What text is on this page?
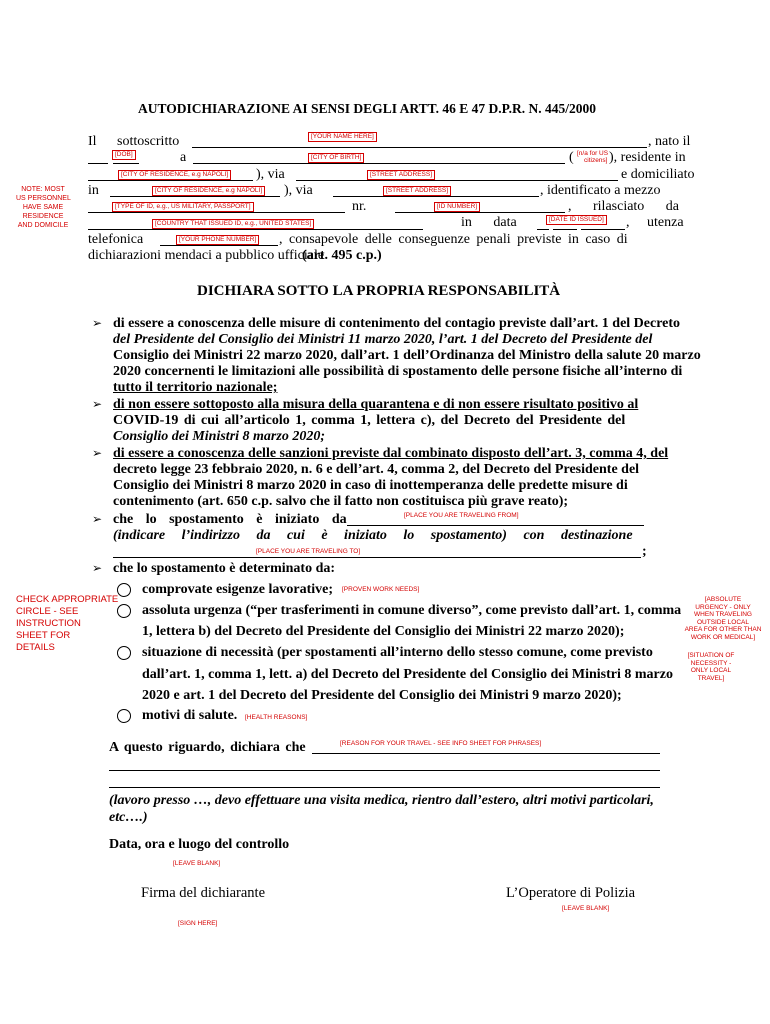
AUTODICHIARAZIONE AI SENSI DEGLI ARTT. 46 E 47 D.P.R. N. 445/2000
Il sottoscritto	[YOUR NAME HERE]	, nato il
[DOB]	a	[CITY OF BIRTH]	( [n/a for US
citizens] ), residente in
[CITY OF RESIDENCE, e.g NAPOLI] ), via	[STREET ADDRESS]	e domiciliato
in	[CITY OF RESIDENCE, e.g NAPOLI] ), via	[STREET ADDRESS]	, identificato a mezzo
[TYPE OF ID, e.g., US MILITARY, PASSPORT]	nr.	[ID NUMBER]	, rilasciato da
[COUNTRY THAT ISSUED ID, e.g., UNITED STATES]	in data	[DATE ID ISSUED] , utenza
telefonica	[YOUR PHONE NUMBER] , consapevole delle conseguenze penali previste in caso di
dichiarazioni mendaci a pubblico ufficiale
(art. 495 c.p.)
NOTE: MOST
US PERSONNEL
HAVE SAME
RESIDENCE
AND DOMICILE
DICHIARA SOTTO LA PROPRIA RESPONSABILITÀ
➢ di essere a conoscenza delle misure di contenimento del contagio previste dall’art. 1 del Decreto
del Presidente del Consiglio dei Ministri 11 marzo 2020, l’art. 1 del Decreto del Presidente del
Consiglio dei Ministri 22 marzo 2020, dall’art. 1 dell’Ordinanza del Ministro della salute 20 marzo
2020 concernenti le limitazioni alle possibilità di spostamento delle persone fisiche all’interno di
tutto il territorio nazionale;
➢ di non essere sottoposto alla misura della quarantena e di non essere risultato positivo al
COVID-19 di cui all’articolo 1, comma 1, lettera c), del Decreto del Presidente del
Consiglio dei Ministri 8 marzo 2020;
➢ di essere a conoscenza delle sanzioni previste dal combinato disposto dell’art. 3, comma 4, del
decreto legge 23 febbraio 2020, n. 6 e dell’art. 4, comma 2, del Decreto del Presidente del
Consiglio dei Ministri 8 marzo 2020 in caso di inottemperanza delle predette misure di
contenimento (art. 650 c.p. salvo che il fatto non costituisca più grave reato);
➢ che lo spostamento è iniziato da	[PLACE YOU ARE TRAVELING FROM]
(indicare l’indirizzo da cui è iniziato lo spostamento) con destinazione
[PLACE YOU ARE TRAVELING TO]	;
➢ che lo spostamento è determinato da:
comprovate esigenze lavorative; [PROVEN WORK NEEDS]
assoluta urgenza (“per trasferimenti in comune diverso”, come previsto dall’art. 1, comma
1, lettera b) del Decreto del Presidente del Consiglio dei Ministri 22 marzo 2020);
situazione di necessità (per spostamenti all’interno dello stesso comune, come previsto
dall’art. 1, comma 1, lett. a) del Decreto del Presidente del Consiglio dei Ministri 8 marzo
2020 e art. 1 del Decreto del Presidente del Consiglio dei Ministri 9 marzo 2020);
motivi di salute. [HEALTH REASONS]
CHECK APPROPRIATE
CIRCLE - SEE
INSTRUCTION
SHEET FOR
DETAILS
[ABSOLUTE
URGENCY - ONLY
WHEN TRAVELING
OUTSIDE LOCAL
AREA FOR OTHER THAN
WORK OR MEDICAL]
[SITUATION OF
NECESSITY -
ONLY LOCAL
TRAVEL]
A questo riguardo, dichiara che	[REASON FOR YOUR TRAVEL - SEE INFO SHEET FOR PHRASES]
(lavoro presso …, devo effettuare una visita medica, rientro dall’estero, altri motivi particolari, etc….)
Data, ora e luogo del controllo
[LEAVE BLANK]
Firma del dichiarante	L’Operatore di Polizia
[LEAVE BLANK]
[SIGN HERE]
